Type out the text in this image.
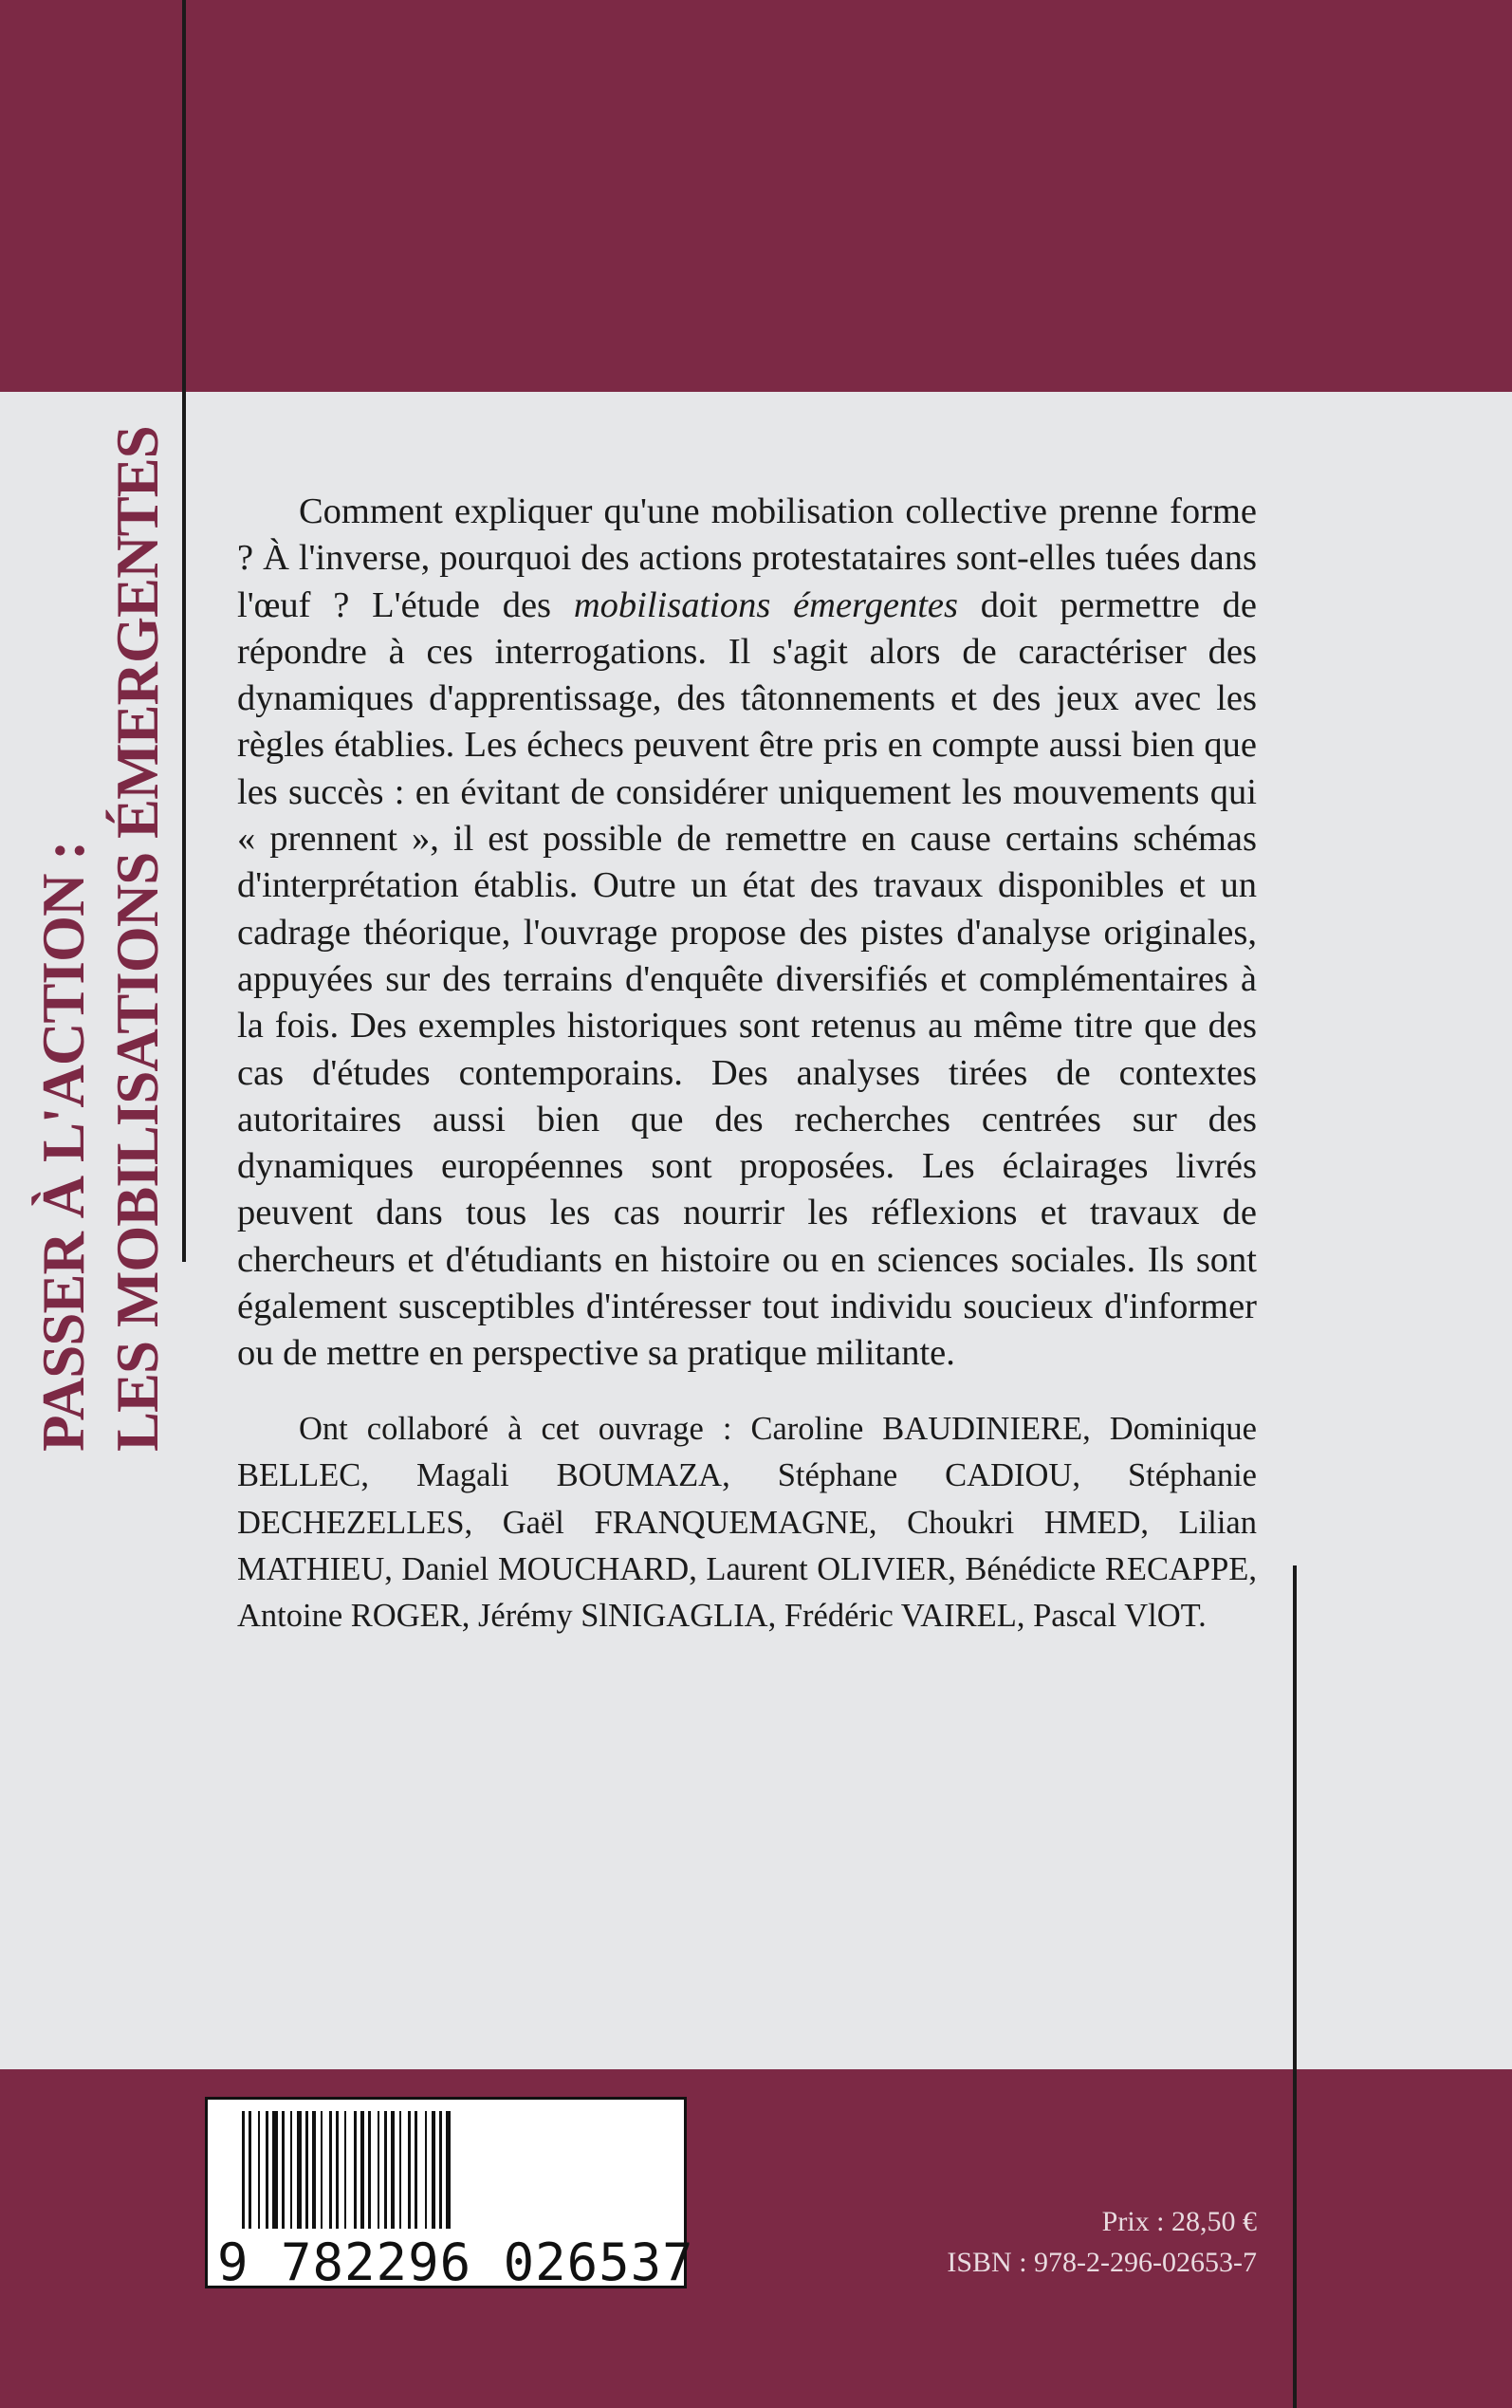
PASSER À L'ACTION : LES MOBILISATIONS ÉMERGENTES	Comment expliquer qu'une mobilisation collective prenne forme ? À l'inverse, pourquoi des actions protestataires sont-elles tuées dans l'œuf ? L'étude des mobilisations émergentes doit permettre de répondre à ces interrogations. Il s'agit alors de caractériser des dynamiques d'apprentissage, des tâtonnements et des jeux avec les règles établies. Les échecs peuvent être pris en compte aussi bien que les succès : en évitant de considérer uniquement les mouvements qui « prennent », il est possible de remettre en cause certains schémas d'interprétation établis. Outre un état des travaux disponibles et un cadrage théorique, l'ouvrage propose des pistes d'analyse originales, appuyées sur des terrains d'enquête diversifiés et complémentaires à la fois. Des exemples historiques sont retenus au même titre que des cas d'études contemporains. Des analyses tirées de contextes autoritaires aussi bien que des recherches centrées sur des dynamiques européennes sont proposées. Les éclairages livrés peuvent dans tous les cas nourrir les réflexions et travaux de chercheurs et d'étudiants en histoire ou en sciences sociales. Ils sont également susceptibles d'intéresser tout individu soucieux d'informer ou de mettre en perspective sa pratique militante.

Ont collaboré à cet ouvrage : Caroline BAUDINIERE, Dominique BELLEC, Magali BOUMAZA, Stéphane CADIOU, Stéphanie DECHEZELLES, Gaël FRANQUEMAGNE, Choukri HMED, Lilian MATHIEU, Daniel MOUCHARD, Laurent OLIVIER, Bénédicte RECAPPE, Antoine ROGER, Jérémy SlNIGAGLIA, Frédéric VAIREL, Pascal VlOT.

9 782296 026537
Prix : 28,50 €
ISBN : 978-2-296-02653-7
